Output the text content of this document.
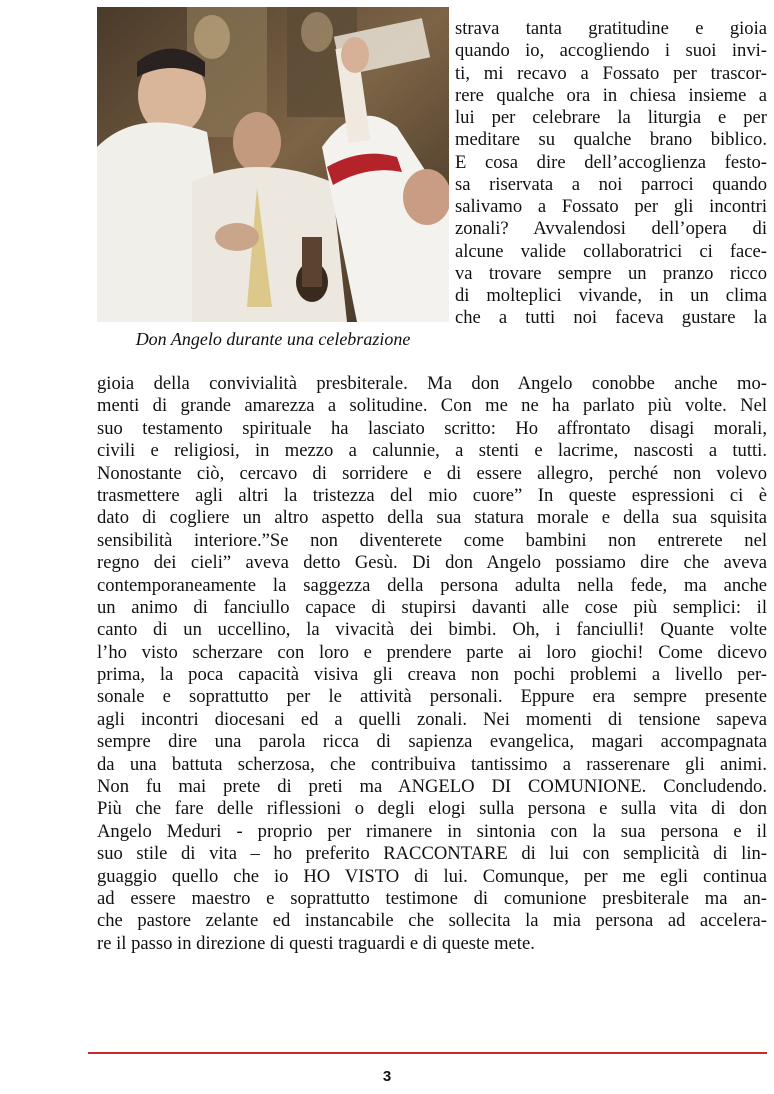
Don Angelo durante una celebrazione
strava tanta gratitudine e gioia
quando io, accogliendo i suoi invi-
ti, mi recavo a Fossato per trascor-
rere qualche ora in chiesa insieme a
lui per celebrare la liturgia e per
meditare su qualche brano biblico.
E cosa dire dell’accoglienza festo-
sa riservata a noi parroci quando
salivamo a Fossato per gli incontri
zonali? Avvalendosi dell’opera di
alcune valide collaboratrici ci face-
va trovare sempre un pranzo ricco
di molteplici vivande, in un clima
che a tutti noi faceva gustare la
gioia della convivialità presbiterale. Ma don Angelo conobbe anche mo-
menti di grande amarezza a solitudine. Con me ne ha parlato più volte. Nel
suo testamento spirituale ha lasciato scritto: Ho affrontato disagi morali,
civili e religiosi, in mezzo a calunnie, a stenti e lacrime, nascosti a tutti.
Nonostante ciò, cercavo di sorridere e di essere allegro, perché non volevo
trasmettere agli altri la tristezza del mio cuore” In queste espressioni ci è
dato di cogliere un altro aspetto della sua statura morale e della sua squisita
sensibilità interiore.”Se non diventerete come bambini non entrerete nel
regno dei cieli” aveva detto Gesù. Di don Angelo possiamo dire che aveva
contemporaneamente la saggezza della persona adulta nella fede, ma anche
un animo di fanciullo capace di stupirsi davanti alle cose più semplici: il
canto di un uccellino, la vivacità dei bimbi. Oh, i fanciulli! Quante volte
l’ho visto scherzare con loro e prendere parte ai loro giochi! Come dicevo
prima, la poca capacità visiva gli creava non pochi problemi a livello per-
sonale e soprattutto per le attività personali. Eppure era sempre presente
agli incontri diocesani ed a quelli zonali. Nei momenti di tensione sapeva
sempre dire una parola ricca di sapienza evangelica, magari accompagnata
da una battuta scherzosa, che contribuiva tantissimo a rasserenare gli animi.
Non fu mai prete di preti ma ANGELO DI COMUNIONE. Concludendo.
Più che fare delle riflessioni o degli elogi sulla persona e sulla vita di don
Angelo Meduri - proprio per rimanere in sintonia con la sua persona e il
suo stile di vita – ho preferito RACCONTARE di lui con semplicità di lin-
guaggio quello che io HO VISTO di lui. Comunque, per me egli continua
ad essere maestro e soprattutto testimone di comunione presbiterale ma an-
che pastore zelante ed instancabile che sollecita la mia persona ad accelera-
re il passo in direzione di questi traguardi e di queste mete.
3
